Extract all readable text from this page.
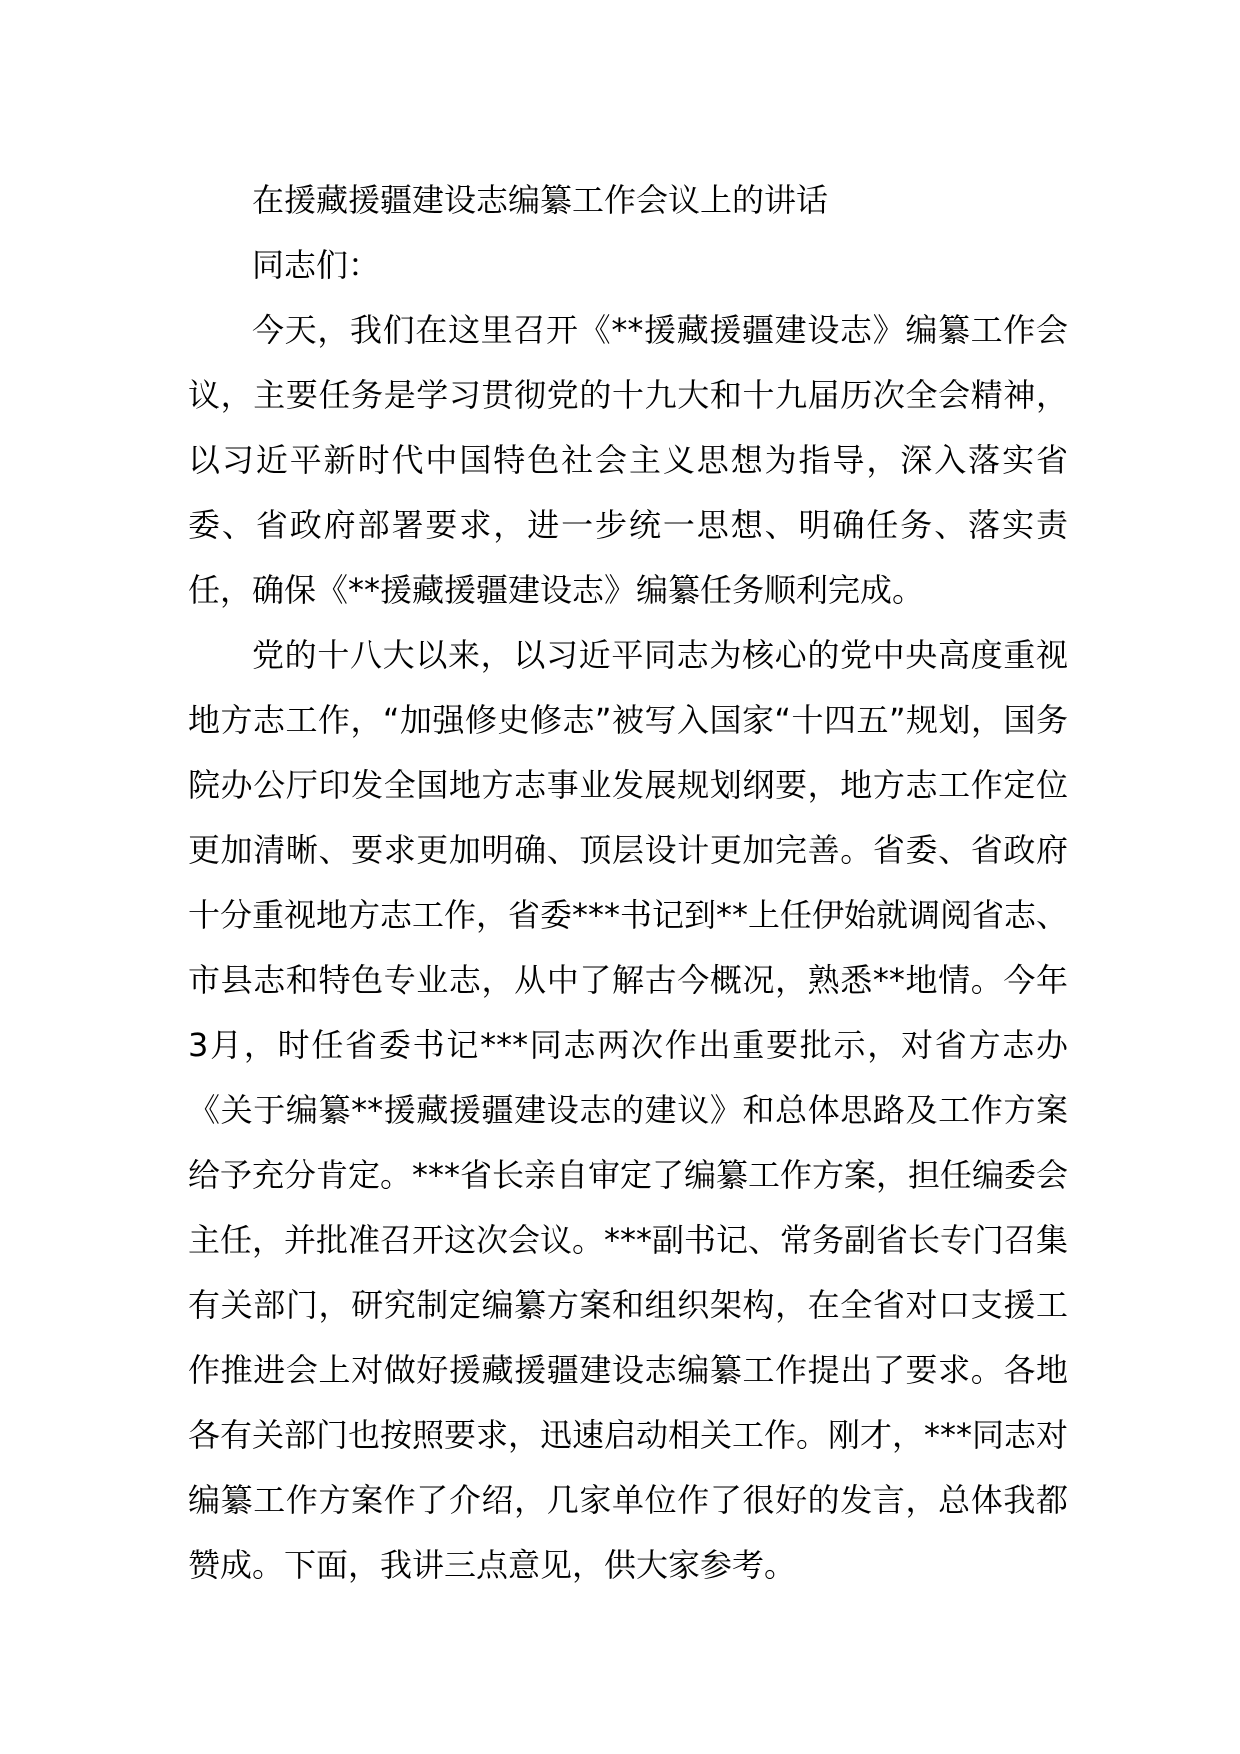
在援藏援疆建设志编纂工作会议上的讲话

同志们：

今天，我们在这里召开《**援藏援疆建设志》编纂工作会议，主要任务是学习贯彻党的十九大和十九届历次全会精神，以习近平新时代中国特色社会主义思想为指导，深入落实省委、省政府部署要求，进一步统一思想、明确任务、落实责任，确保《**援藏援疆建设志》编纂任务顺利完成。

党的十八大以来，以习近平同志为核心的党中央高度重视地方志工作，“加强修史修志”被写入国家“十四五”规划，国务院办公厅印发全国地方志事业发展规划纲要，地方志工作定位更加清晰、要求更加明确、顶层设计更加完善。省委、省政府十分重视地方志工作，省委***书记到**上任伊始就调阅省志、市县志和特色专业志，从中了解古今概况，熟悉**地情。今年3月，时任省委书记***同志两次作出重要批示，对省方志办《关于编纂**援藏援疆建设志的建议》和总体思路及工作方案给予充分肯定。***省长亲自审定了编纂工作方案，担任编委会主任，并批准召开这次会议。***副书记、常务副省长专门召集有关部门，研究制定编纂方案和组织架构，在全省对口支援工作推进会上对做好援藏援疆建设志编纂工作提出了要求。各地各有关部门也按照要求，迅速启动相关工作。刚才，***同志对编纂工作方案作了介绍，几家单位作了很好的发言，总体我都赞成。下面，我讲三点意见，供大家参考。
